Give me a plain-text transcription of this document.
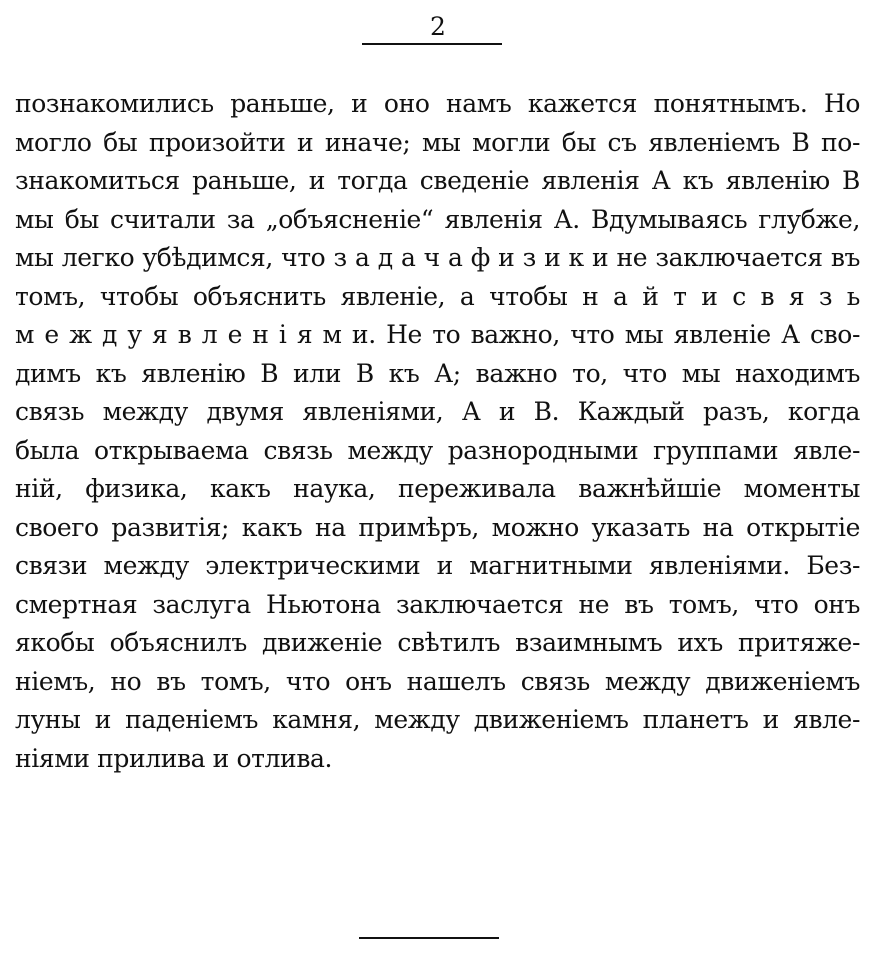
2
познакомились раньше, и оно намъ кажется понятнымъ. Но
могло бы произойти и иначе; мы могли бы съ явленіемъ В по-
знакомиться раньше, и тогда сведеніе явленія А къ явленію В
мы бы считали за „объясненіе“ явленія А. Вдумываясь глубже,
мы легко убѣдимся, что з а д а ч а ф и з и к и не заключается въ
томъ, чтобы объяснить явленіе, а чтобы н а й т и с в я з ь
м е ж д у я в л е н і я м и. Не то важно, что мы явленіе А сво-
димъ къ явленію В или В къ А; важно то, что мы находимъ
связь между двумя явленіями, А и В. Каждый разъ, когда
была открываема связь между разнородными группами явле-
ній, физика, какъ наука, переживала важнѣйшіе моменты
своего развитія; какъ на примѣръ, можно указать на открытіе
связи между электрическими и магнитными явленіями. Без-
смертная заслуга Ньютона заключается не въ томъ, что онъ
якобы объяснилъ движеніе свѣтилъ взаимнымъ ихъ притяже-
ніемъ, но въ томъ, что онъ нашелъ связь между движеніемъ
луны и паденіемъ камня, между движеніемъ планетъ и явле-
ніями прилива и отлива.
